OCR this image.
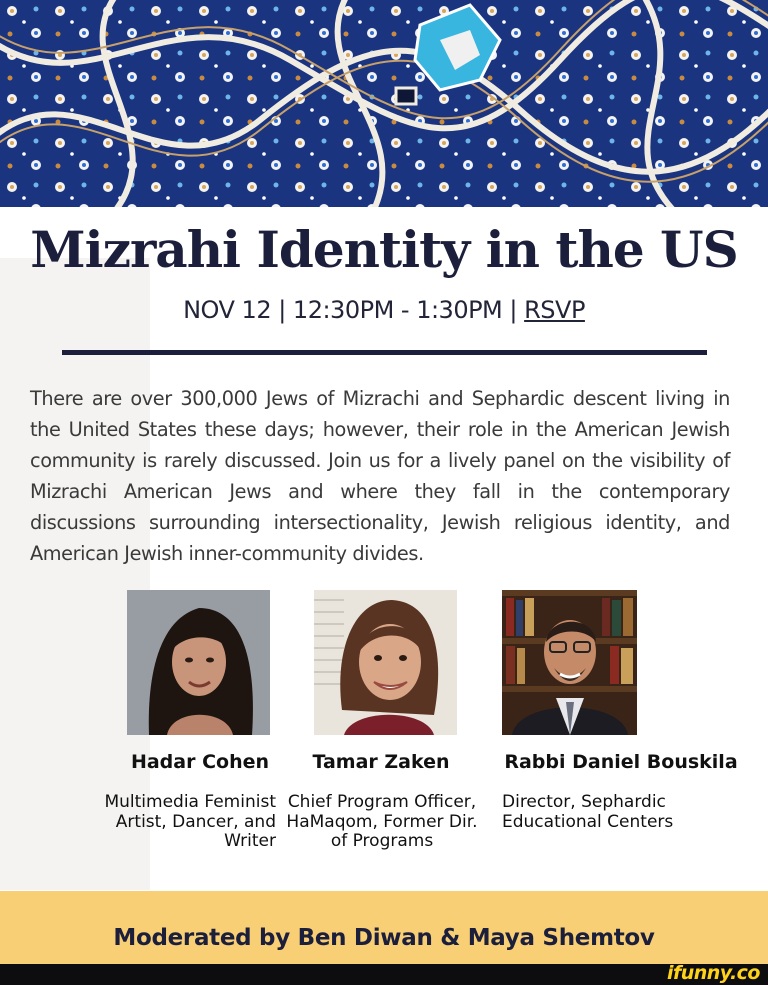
Mizrahi Identity in the US
NOV 12 | 12:30PM - 1:30PM | RSVP

There are over 300,000 Jews of Mizrachi and Sephardic descent living in the United States these days; however, their role in the American Jewish community is rarely discussed. Join us for a lively panel on the visibility of Mizrachi American Jews and where they fall in the contemporary discussions surrounding intersectionality, Jewish religious identity, and American Jewish inner-community divides.

Hadar Cohen	Tamar Zaken	Rabbi Daniel Bouskila
Multimedia Feminist Artist, Dancer, and Writer
Chief Program Officer, HaMaqom, Former Dir. of Programs
Director, Sephardic Educational Centers
Moderated by Ben Diwan & Maya Shemtov
ifunny.co
